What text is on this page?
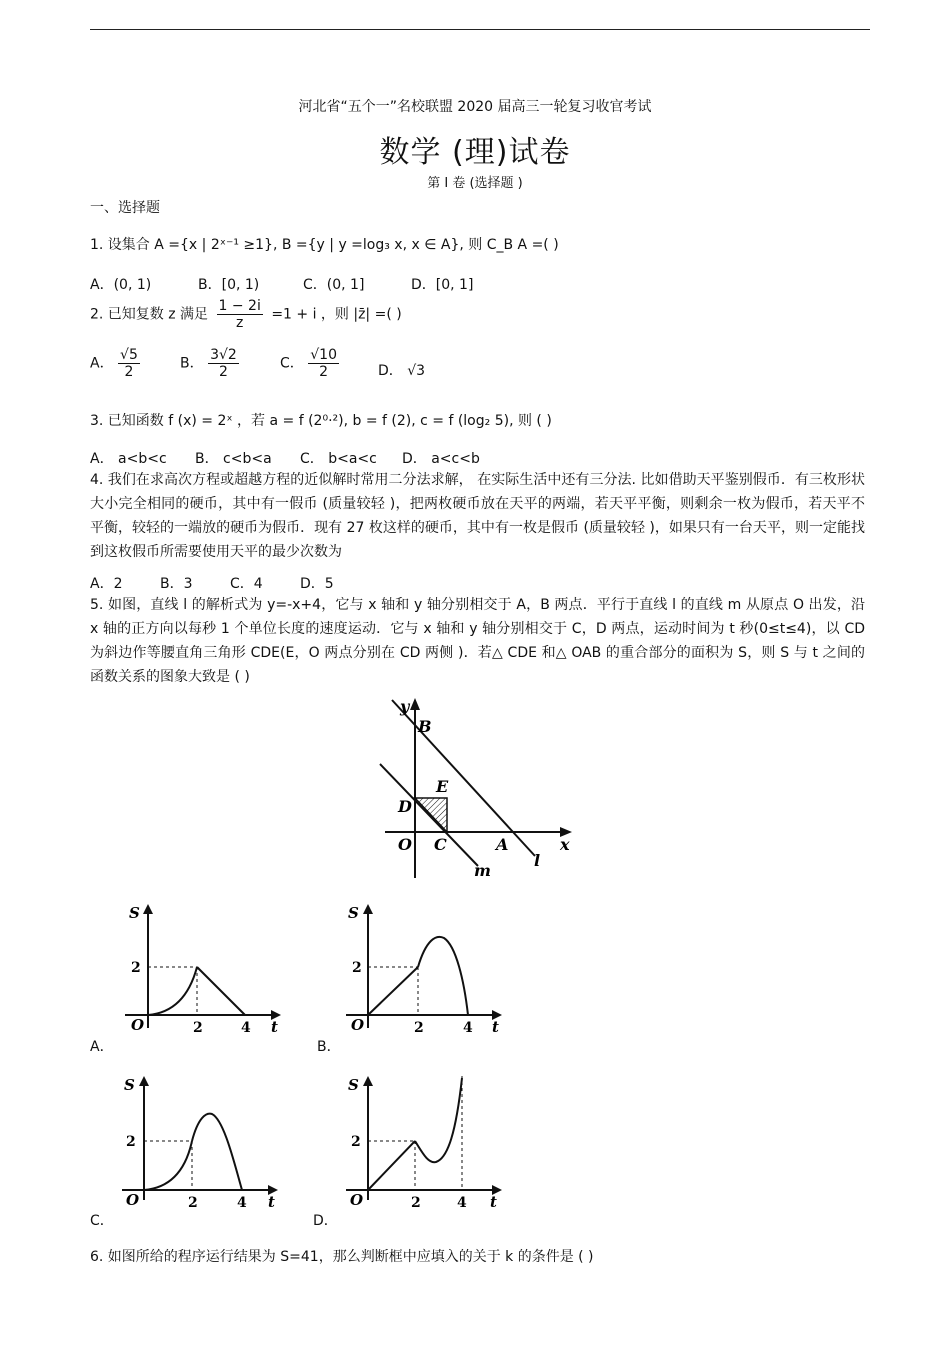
河北省“五个一”名校联盟 2020 届高三一轮复习收官考试
数学 (理)试卷
第 I 卷 (选择题 )
一、选择题
1. 设集合 A ={x | 2ˣ⁻¹ ≥1}, B ={y | y =log₃ x, x ∈ A}, 则 C_B A =( )
A．(0, 1)	B．[0, 1)	C．(0, 1]	D．[0, 1]
2. 已知复数 z 满足 $\frac{1 - 2i}{z} =1 + i$ ，则 |z̄| =( )
A． $\frac{√5}{2}$	B． $\frac{3√2}{2}$	C． $\frac{√10}{2}$	D． √3
3. 已知函数 f (x) = 2ˣ ，若 a = f (2⁰·²), b = f (2), c = f (log₂ 5), 则 ( )
A． a<b<c B． c<b<a C． b<a<c D． a<c<b
4. 我们在求高次方程或超越方程的近似解时常用二分法求解， 在实际生活中还有三分法. 比如借助天平鉴别假币．有三枚形状大小完全相同的硬币，其中有一假币 (质量较轻 )，把两枚硬币放在天平的两端，若天平平衡，则剩余一枚为假币，若天平不平衡，较轻的一端放的硬币为假币．现有 27 枚这样的硬币，其中有一枚是假币 (质量较轻 )，如果只有一台天平，则一定能找到这枚假币所需要使用天平的最少次数为
A．2	B．3	C．4	D．5
5. 如图，直线 l 的解析式为 y=-x+4，它与 x 轴和 y 轴分别相交于 A，B 两点．平行于直线 l 的直线 m 从原点 O 出发，沿 x 轴的正方向以每秒 1 个单位长度的速度运动．它与 x 轴和 y 轴分别相交于 C，D 两点，运动时间为 t 秒(0≤t≤4)，以 CD 为斜边作等腰直角三角形 CDE(E，O 两点分别在 CD 两侧 )．若△ CDE 和△ OAB 的重合部分的面积为 S，则 S 与 t 之间的函数关系的图象大致是 ( )
y
B
E
D
O C	A	x
l
m
S
2
O	2	4 t
A．
S
2
O	2	4 t
B．
S
2
O	2	4 t
C．
S
2
O	2	4 t
D．
6. 如图所给的程序运行结果为 S=41，那么判断框中应填入的关于 k 的条件是 ( )
